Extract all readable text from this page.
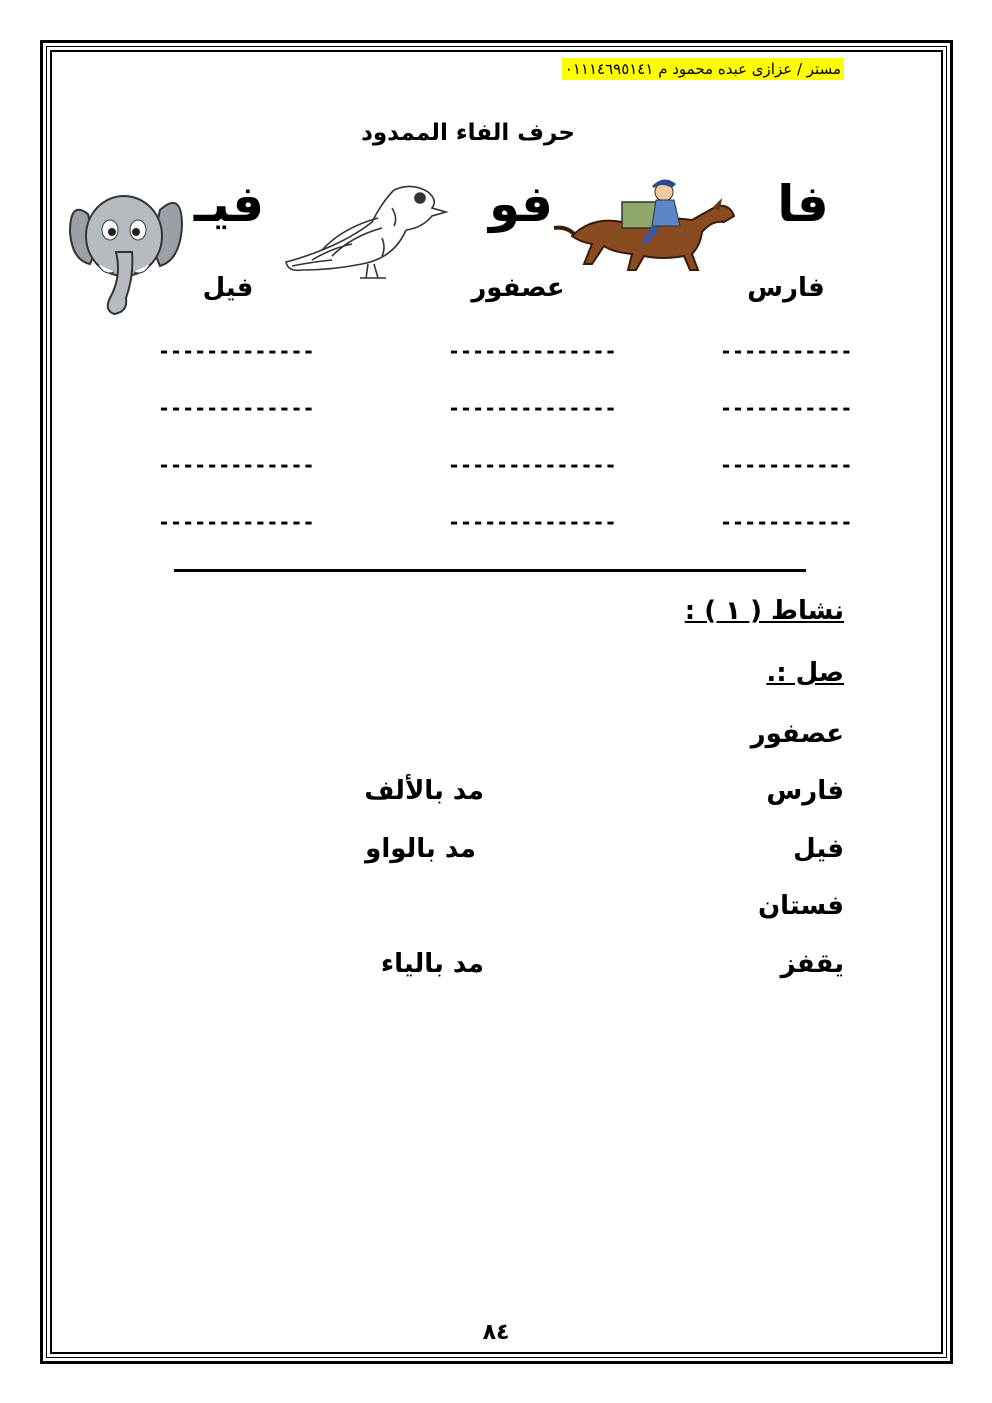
مستر / عزازى عبده محمود م ٠١١١٤٦٩٥١٤١
حرف الفاء الممدود
فا
فو
فيـ
فارس
عصفور
فيل
-----------
--------------
-------------
-----------
--------------
-------------
-----------
--------------
-------------
-----------
--------------
-------------
نشاط ( ١ ) :
صل :.
عصفور
فارس
فيل
فستان
يقفز
مد بالألف
مد بالواو
مد بالياء
٨٤
